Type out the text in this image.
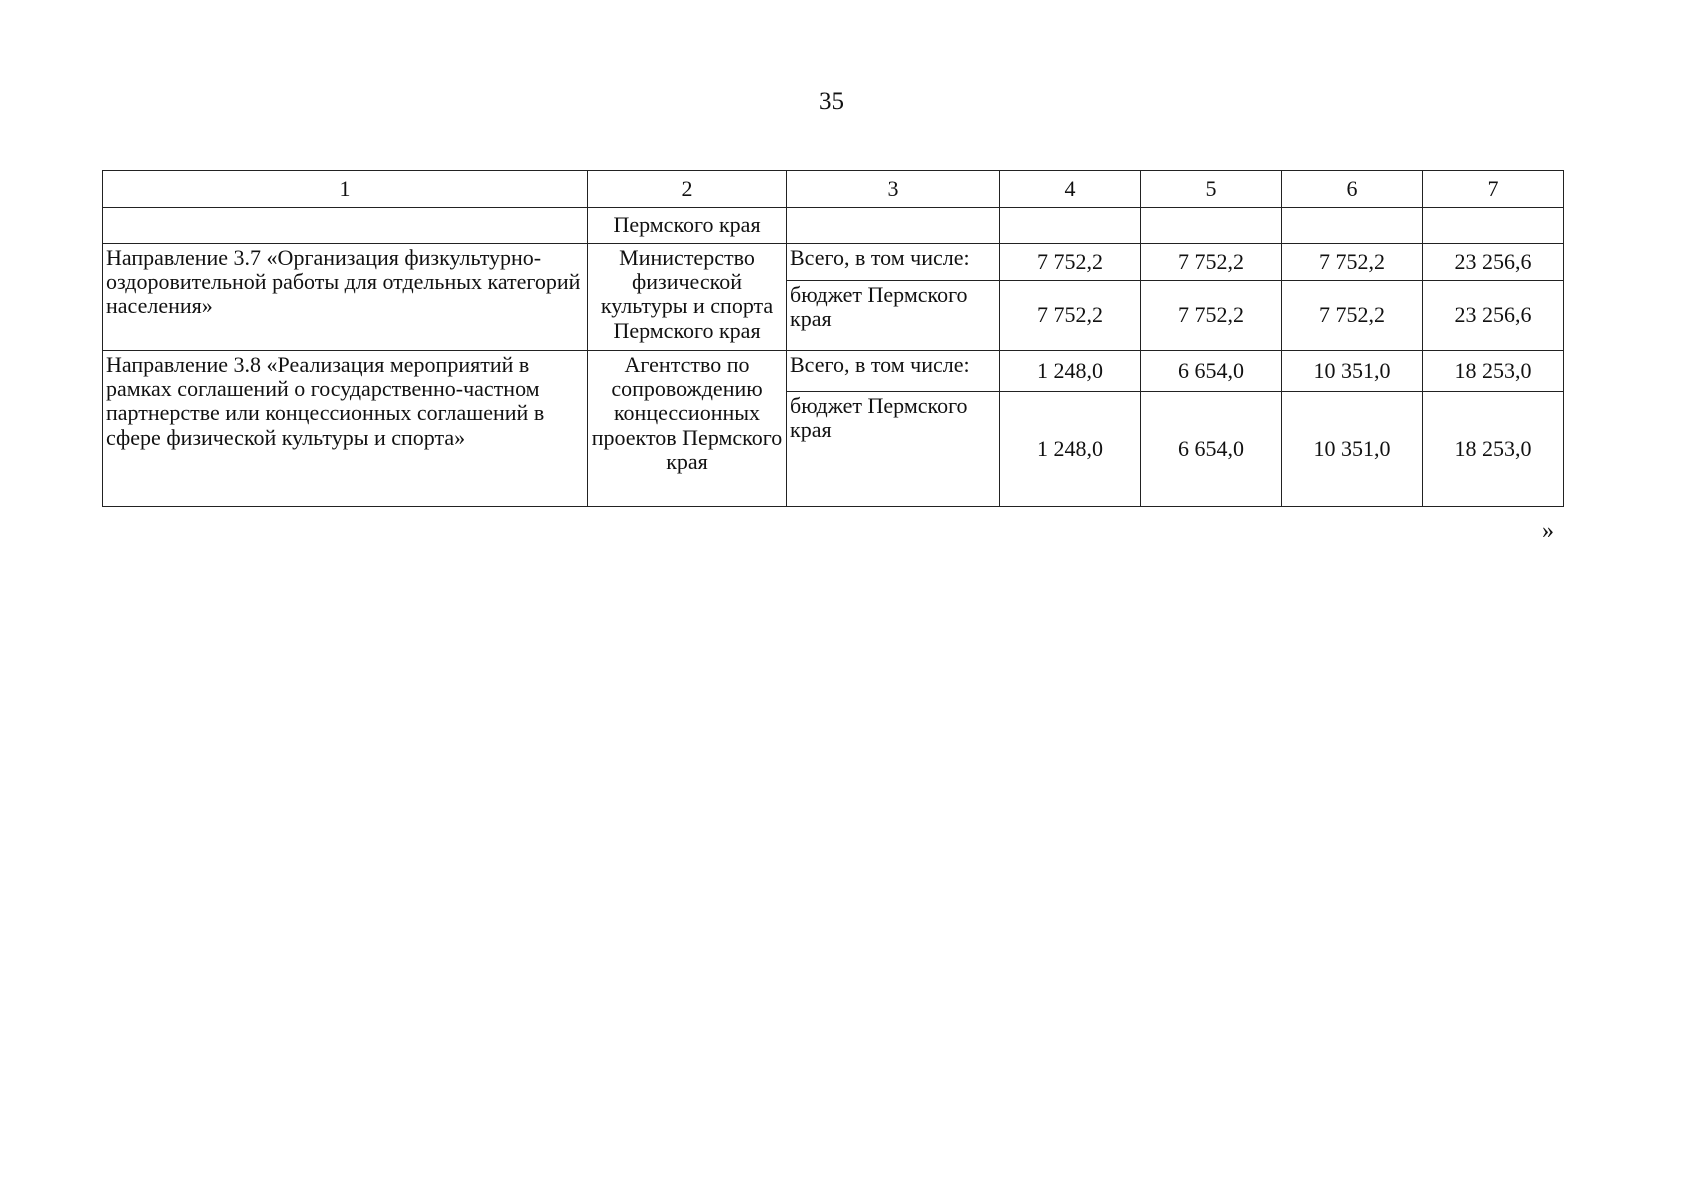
35
1	2	3	4	5	6	7
	Пермского края					
Направление 3.7 «Организация физкультурно-оздоровительной работы для отдельных категорий населения»	Министерство физической культуры и спорта Пермского края	Всего, в том числе:	7 752,2	7 752,2	7 752,2	23 256,6
		бюджет Пермского края	7 752,2	7 752,2	7 752,2	23 256,6
Направление 3.8 «Реализация мероприятий в рамках соглашений о государственно-частном партнерстве или концессионных соглашений в сфере физической культуры и спорта»	Агентство по сопровождению концессионных проектов Пермского края	Всего, в том числе:	1 248,0	6 654,0	10 351,0	18 253,0
		бюджет Пермского края	1 248,0	6 654,0	10 351,0	18 253,0
»
